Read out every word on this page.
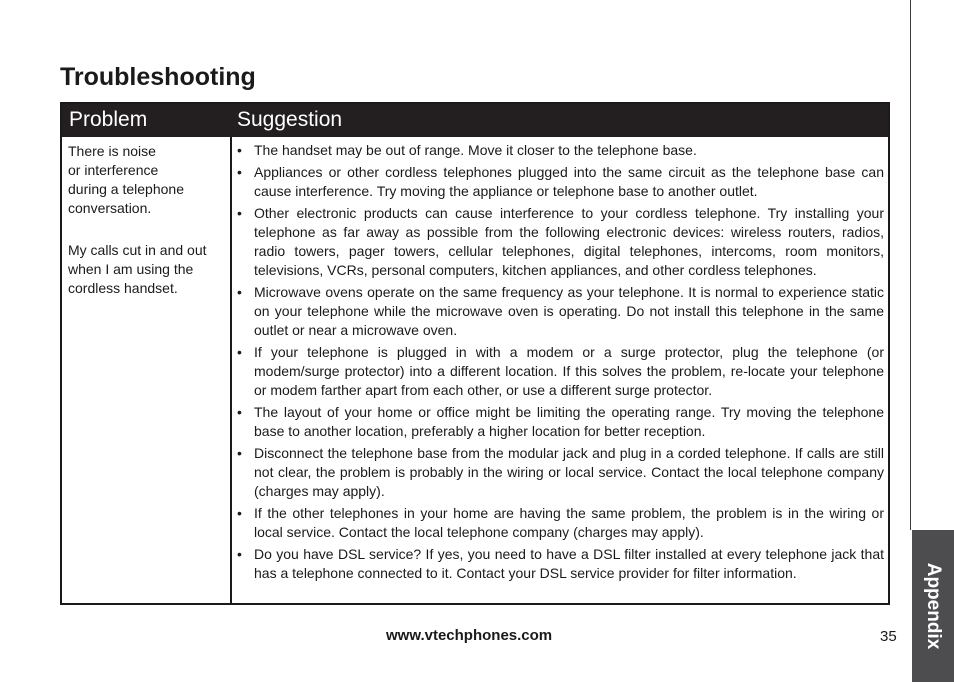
Troubleshooting
Problem	Suggestion
There is noise
or interference
during a telephone
conversation.
My calls cut in and out
when I am using the
cordless handset.
• The handset may be out of range. Move it closer to the telephone base.
• Appliances or other cordless telephones plugged into the same circuit as the telephone base can cause interference. Try moving the appliance or telephone base to another outlet.
• Other electronic products can cause interference to your cordless telephone. Try installing your telephone as far away as possible from the following electronic devices: wireless routers, radios, radio towers, pager towers, cellular telephones, digital telephones, intercoms, room monitors, televisions, VCRs, personal computers, kitchen appliances, and other cordless telephones.
• Microwave ovens operate on the same frequency as your telephone. It is normal to experience static on your telephone while the microwave oven is operating. Do not install this telephone in the same outlet or near a microwave oven.
• If your telephone is plugged in with a modem or a surge protector, plug the telephone (or modem/surge protector) into a different location. If this solves the problem, re-locate your telephone or modem farther apart from each other, or use a different surge protector.
• The layout of your home or office might be limiting the operating range. Try moving the telephone base to another location, preferably a higher location for better reception.
• Disconnect the telephone base from the modular jack and plug in a corded telephone. If calls are still not clear, the problem is probably in the wiring or local service. Contact the local telephone company (charges may apply).
• If the other telephones in your home are having the same problem, the problem is in the wiring or local service. Contact the local telephone company (charges may apply).
• Do you have DSL service? If yes, you need to have a DSL filter installed at every telephone jack that has a telephone connected to it. Contact your DSL service provider for filter information.
www.vtechphones.com	35 Appendix
